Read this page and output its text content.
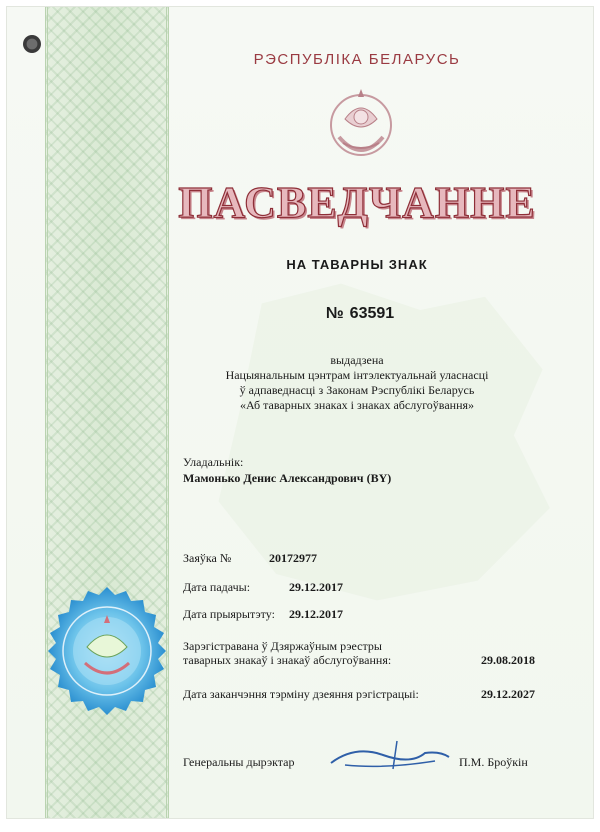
РЭСПУБЛІКА БЕЛАРУСЬ
ПАСВЕДЧАННЕ
НА ТАВАРНЫ ЗНАК
№ 63591
выдадзена
Нацыянальным цэнтрам інтэлектуальнай уласнасці
ў адпаведнасці з Законам Рэспублікі Беларусь
«Аб таварных знаках і знаках абслугоўвання»
Уладальнік:
Мамонько Денис Александрович (BY)
Заяўка №	20172977
Дата падачы:	29.12.2017
Дата прыярытэту: 29.12.2017
Зарэгістравана ў Дзяржаўным рэестры
таварных знакаў і знакаў абслугоўвання:	29.08.2018
Дата заканчэння тэрміну дзеяння рэгістрацыі:	29.12.2027
Генеральны дырэктар	П.М. Броўкін
